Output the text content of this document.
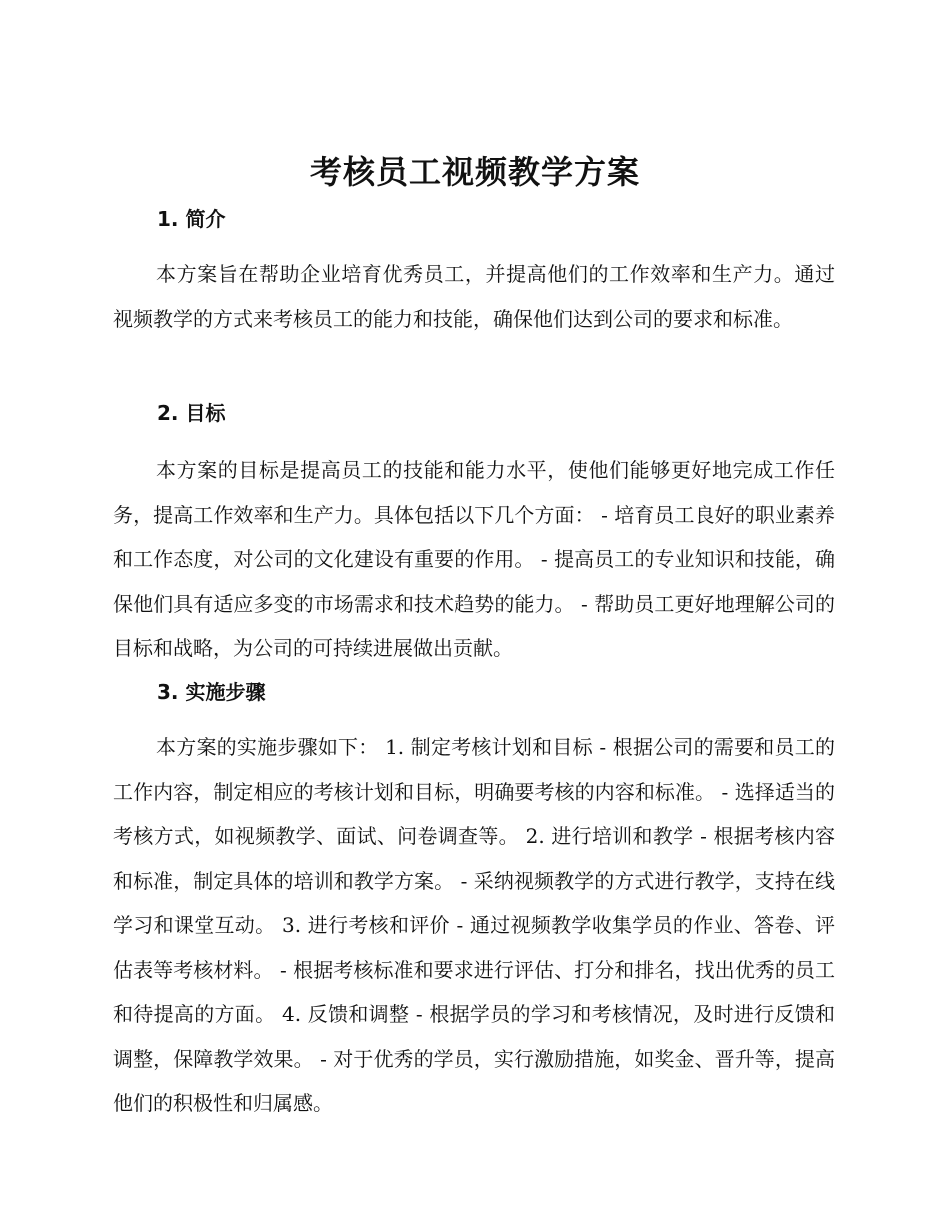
考核员工视频教学方案
1. 简介
本方案旨在帮助企业培育优秀员工，并提高他们的工作效率和生产力。通过视频教学的方式来考核员工的能力和技能，确保他们达到公司的要求和标准。
2. 目标
本方案的目标是提高员工的技能和能力水平，使他们能够更好地完成工作任务，提高工作效率和生产力。具体包括以下几个方面： - 培育员工良好的职业素养和工作态度，对公司的文化建设有重要的作用。 - 提高员工的专业知识和技能，确保他们具有适应多变的市场需求和技术趋势的能力。 - 帮助员工更好地理解公司的目标和战略，为公司的可持续进展做出贡献。
3. 实施步骤
本方案的实施步骤如下： 1. 制定考核计划和目标 - 根据公司的需要和员工的工作内容，制定相应的考核计划和目标，明确要考核的内容和标准。 - 选择适当的考核方式，如视频教学、面试、问卷调查等。 2. 进行培训和教学 - 根据考核内容和标准，制定具体的培训和教学方案。 - 采纳视频教学的方式进行教学，支持在线学习和课堂互动。 3. 进行考核和评价 - 通过视频教学收集学员的作业、答卷、评估表等考核材料。 - 根据考核标准和要求进行评估、打分和排名，找出优秀的员工和待提高的方面。 4. 反馈和调整 - 根据学员的学习和考核情况，及时进行反馈和调整，保障教学效果。 - 对于优秀的学员，实行激励措施，如奖金、晋升等，提高他们的积极性和归属感。
